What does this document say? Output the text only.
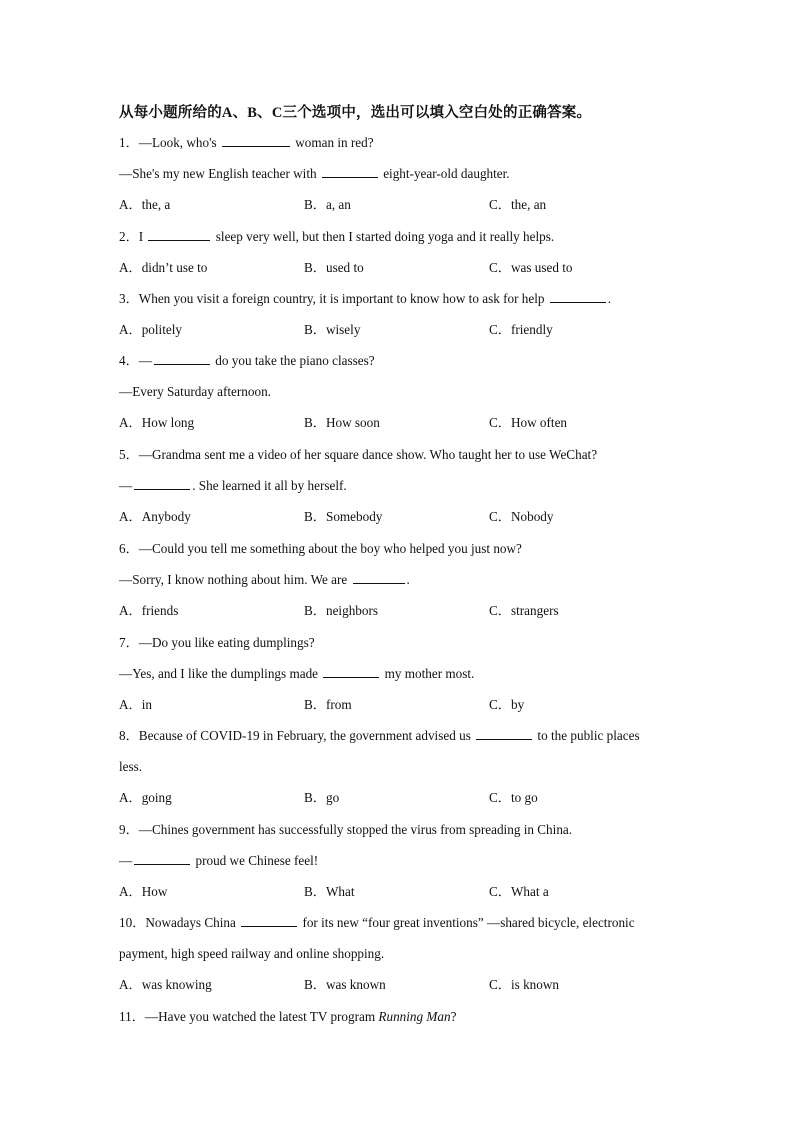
从每小题所给的A、B、C三个选项中，选出可以填入空白处的正确答案。
1．—Look, who's	woman in red?
—She's my new English teacher with	eight-year-old daughter.
A．the, a	B．a, an	C．the, an
2．I	sleep very well, but then I started doing yoga and it really helps.
A．didn’t use to	B．used to	C．was used to
3．When you visit a foreign country, it is important to know how to ask for help	.
A．politely	B．wisely	C．friendly
4．—	do you take the piano classes?
—Every Saturday afternoon.
A．How long	B．How soon	C．How often
5．—Grandma sent me a video of her square dance show. Who taught her to use WeChat?
—	. She learned it all by herself.
A．Anybody	B．Somebody	C．Nobody
6．—Could you tell me something about the boy who helped you just now?
—Sorry, I know nothing about him. We are	.
A．friends	B．neighbors	C．strangers
7．—Do you like eating dumplings?
—Yes, and I like the dumplings made	my mother most.
A．in	B．from	C．by
8．Because of COVID-19 in February, the government advised us	to the public places
less.
A．going	B．go	C．to go
9．—Chines government has successfully stopped the virus from spreading in China.
—	proud we Chinese feel!
A．How	B．What	C．What a
10．Nowadays China	for its new “four great inventions” —shared bicycle, electronic
payment, high speed railway and online shopping.
A．was knowing	B．was known	C．is known
11．—Have you watched the latest TV program Running Man?
